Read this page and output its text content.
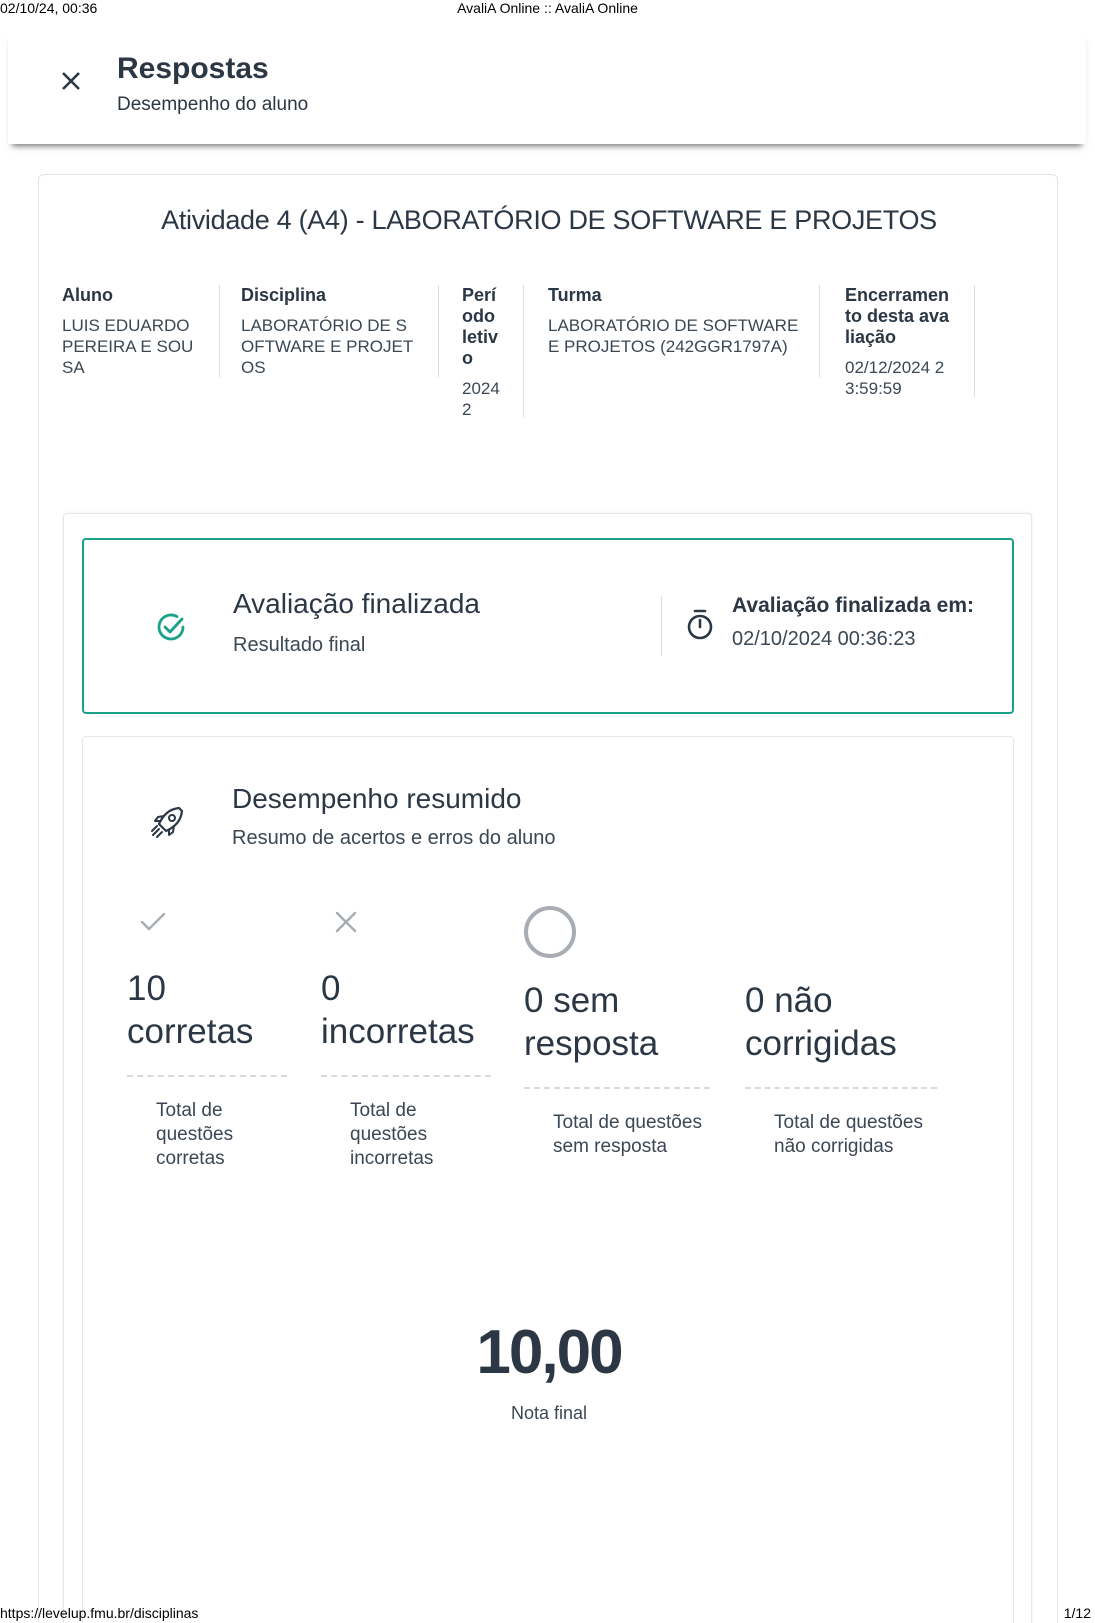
02/10/24, 00:36	AvaliA Online :: AvaliA Online
Respostas
Desempenho do aluno
Atividade 4 (A4) - LABORATÓRIO DE SOFTWARE E PROJETOS
Aluno
LUIS EDUARDO PEREIRA E SOUSA
Disciplina
LABORATÓRIO DE SOFTWARE E PROJETOS
Período letivo
20242
Turma
LABORATÓRIO DE SOFTWARE E PROJETOS (242GGR1797A)
Encerramento desta avaliação
02/12/2024 23:59:59
Avaliação finalizada
Resultado final
Avaliação finalizada em:
02/10/2024 00:36:23
Desempenho resumido
Resumo de acertos e erros do aluno
10 corretas
Total de questões corretas
0 incorretas
Total de questões incorretas
0 sem resposta
Total de questões sem resposta
0 não corrigidas
Total de questões não corrigidas
10,00
Nota final
https://levelup.fmu.br/disciplinas	1/12
